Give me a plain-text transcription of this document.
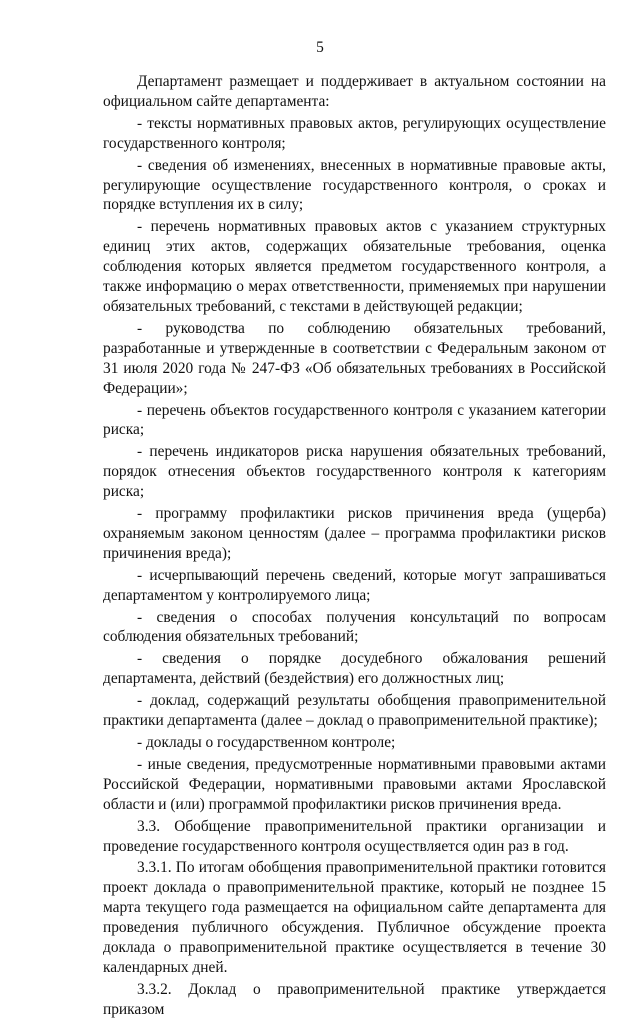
5

Департамент размещает и поддерживает в актуальном состоянии на официальном сайте департамента:

- тексты нормативных правовых актов, регулирующих осуществление государственного контроля;

- сведения об изменениях, внесенных в нормативные правовые акты, регулирующие осуществление государственного контроля, о сроках и порядке вступления их в силу;

- перечень нормативных правовых актов с указанием структурных единиц этих актов, содержащих обязательные требования, оценка соблюдения которых является предметом государственного контроля, а также информацию о мерах ответственности, применяемых при нарушении обязательных требований, с текстами в действующей редакции;

- руководства по соблюдению обязательных требований, разработанные и утвержденные в соответствии с Федеральным законом от 31 июля 2020 года № 247-ФЗ «Об обязательных требованиях в Российской Федерации»;

- перечень объектов государственного контроля с указанием категории риска;

- перечень индикаторов риска нарушения обязательных требований, порядок отнесения объектов государственного контроля к категориям риска;

- программу профилактики рисков причинения вреда (ущерба) охраняемым законом ценностям (далее – программа профилактики рисков причинения вреда);

- исчерпывающий перечень сведений, которые могут запрашиваться департаментом у контролируемого лица;

- сведения о способах получения консультаций по вопросам соблюдения обязательных требований;

- сведения о порядке досудебного обжалования решений департамента, действий (бездействия) его должностных лиц;

- доклад, содержащий результаты обобщения правоприменительной практики департамента (далее – доклад о правоприменительной практике);

- доклады о государственном контроле;

- иные сведения, предусмотренные нормативными правовыми актами Российской Федерации, нормативными правовыми актами Ярославской области и (или) программой профилактики рисков причинения вреда.

3.3. Обобщение правоприменительной практики организации и проведение государственного контроля осуществляется один раз в год.

3.3.1. По итогам обобщения правоприменительной практики готовится проект доклада о правоприменительной практике, который не позднее 15 марта текущего года размещается на официальном сайте департамента для проведения публичного обсуждения. Публичное обсуждение проекта доклада о правоприменительной практике осуществляется в течение 30 календарных дней.

3.3.2. Доклад о правоприменительной практике утверждается приказом
